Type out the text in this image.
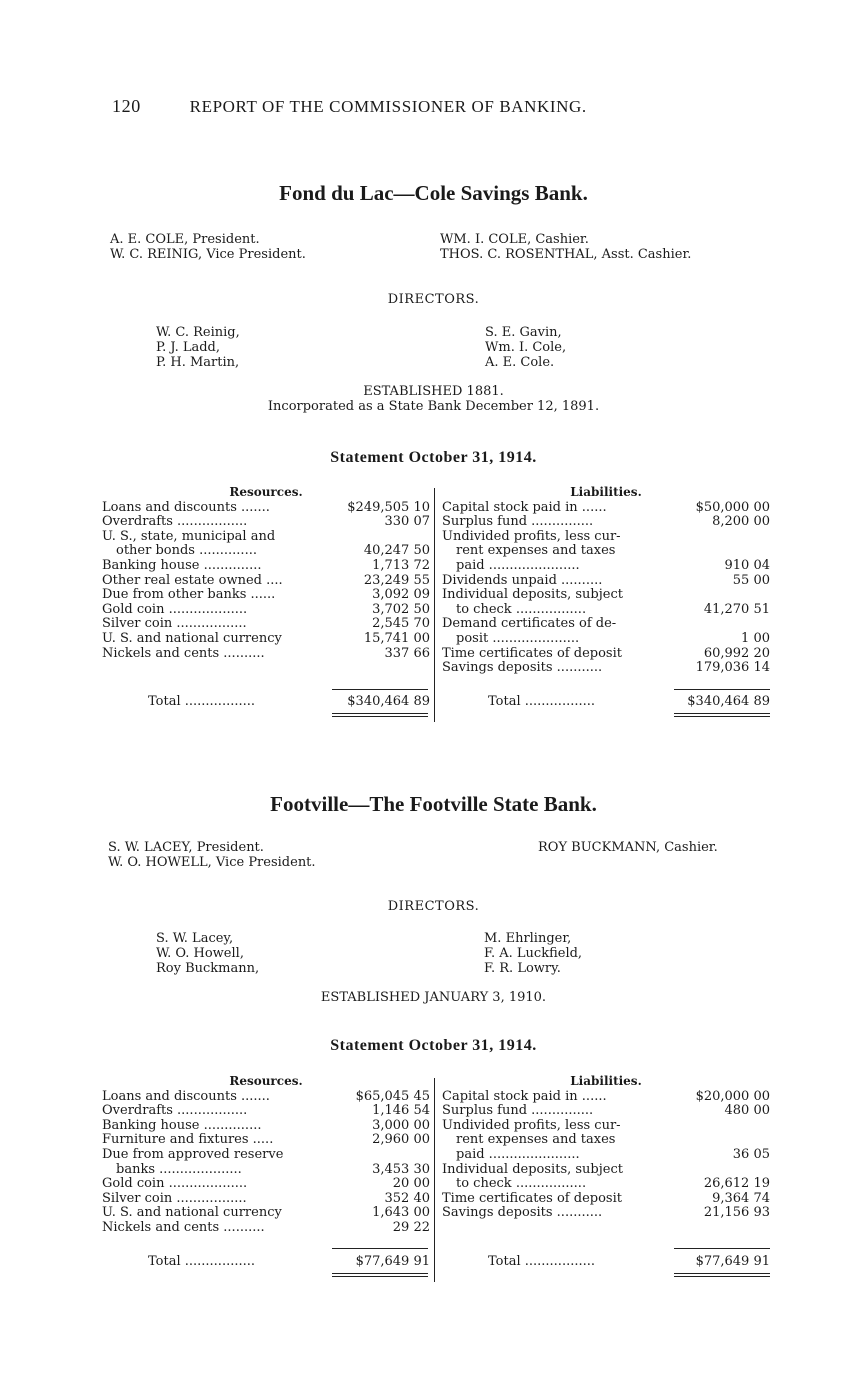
120	REPORT OF THE COMMISSIONER OF BANKING.
Fond du Lac—Cole Savings Bank.
A. E. COLE, President.
W. C. REINIG, Vice President.
WM. I. COLE, Cashier.
THOS. C. ROSENTHAL, Asst. Cashier.
DIRECTORS.
W. C. Reinig,
P. J. Ladd,
P. H. Martin,
S. E. Gavin,
Wm. I. Cole,
A. E. Cole.
ESTABLISHED 1881.
Incorporated as a State Bank December 12, 1891.
Statement October 31, 1914.
Resources.
Loans and discounts .......	$249,505 10
Overdrafts .................	330 07
U. S., state, municipal and
other bonds ..............	40,247 50
Banking house ..............	1,713 72
Other real estate owned ....	23,249 55
Due from other banks ......	3,092 09
Gold coin ...................	3,702 50
Silver coin .................	2,545 70
U. S. and national currency	15,741 00
Nickels and cents ..........	337 66
Liabilities.
Capital stock paid in ......	$50,000 00
Surplus fund ...............	8,200 00
Undivided profits, less cur-
rent expenses and taxes
paid ......................	910 04
Dividends unpaid ..........	55 00
Individual deposits, subject
to check .................	41,270 51
Demand certificates of de-
posit .....................	1 00
Time certificates of deposit	60,992 20
Savings deposits ...........	179,036 14
Total .................	$340,464 89	Total .................	$340,464 89
Footville—The Footville State Bank.
S. W. LACEY, President.
W. O. HOWELL, Vice President.
ROY BUCKMANN, Cashier.
DIRECTORS.
S. W. Lacey,
W. O. Howell,
Roy Buckmann,
M. Ehrlinger,
F. A. Luckfield,
F. R. Lowry.
ESTABLISHED JANUARY 3, 1910.
Statement October 31, 1914.
Resources.
Loans and discounts .......	$65,045 45
Overdrafts .................	1,146 54
Banking house ..............	3,000 00
Furniture and fixtures .....	2,960 00
Due from approved reserve
banks ....................	3,453 30
Gold coin ...................	20 00
Silver coin .................	352 40
U. S. and national currency	1,643 00
Nickels and cents ..........	29 22
Liabilities.
Capital stock paid in ......	$20,000 00
Surplus fund ...............	480 00
Undivided profits, less cur-
rent expenses and taxes
paid ......................	36 05
Individual deposits, subject
to check .................	26,612 19
Time certificates of deposit	9,364 74
Savings deposits ...........	21,156 93
Total .................	$77,649 91	Total .................	$77,649 91
